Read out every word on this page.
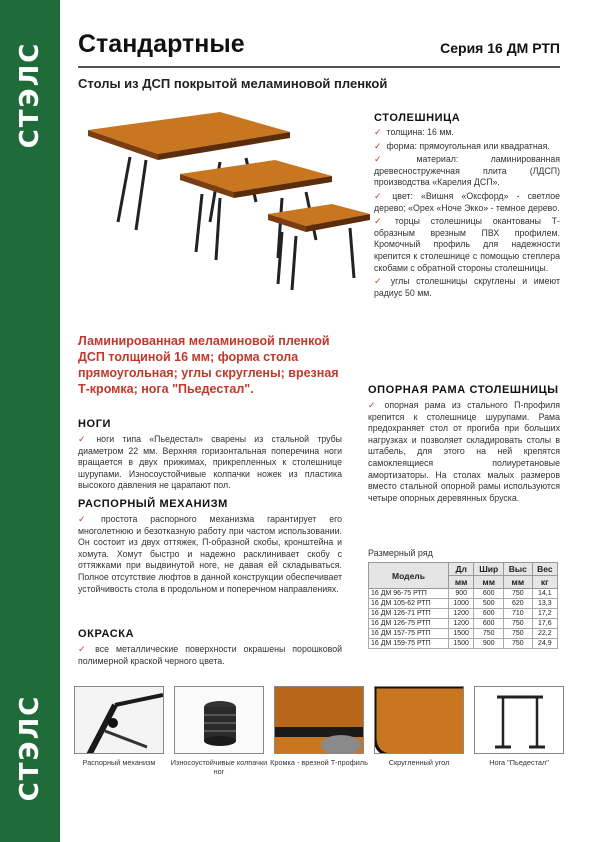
СТЭЛС
СТЭЛС
Стандартные	Серия 16 ДМ РТП
Столы из ДСП покрытой меламиновой пленкой
Ламинированная меламиновой пленкой ДСП толщиной 16 мм; форма стола прямоугольная; углы скруглены; врезная Т-кромка; нога "Пьедестал".
НОГИ
✓ ноги типа «Пьедестал» сварены из стальной трубы диаметром 22 мм. Верхняя горизонтальная поперечина ноги вращается в двух прижимах, прикрепленных к столешнице шурупами. Износоустойчивые колпачки ножек из пластика высокого давления не царапают пол.
РАСПОРНЫЙ МЕХАНИЗМ
✓ простота распорного механизма гарантирует его многолетнюю и безотказную работу при частом использовании. Он состоит из двух оттяжек, П-образной скобы, кронштейна и хомута. Хомут быстро и надежно расклинивает скобу с оттяжками при выдвинутой ноге, не давая ей складываться. Полное отсутствие люфтов в данной конструкции обеспечивает устойчивость стола в продольном и поперечном направлениях.
ОКРАСКА
✓ все металлические поверхности окрашены порошковой полимерной краской черного цвета.
СТОЛЕШНИЦА
✓ толщина: 16 мм.
✓ форма: прямоугольная или квадратная.
✓ материал: ламинированная древесностружечная плита (ЛДСП) производства «Карелия ДСП».
✓ цвет: «Вишня «Оксфорд» - светлое дерево; «Орех «Ноче Экко» - темное дерево.
✓ торцы столешницы окантованы Т-образным врезным ПВХ профилем. Кромочный профиль для надежности крепится к столешнице с помощью степлера скобами с обратной стороны столешницы.
✓ углы столешницы скруглены и имеют радиус 50 мм.
ОПОРНАЯ РАМА СТОЛЕШНИЦЫ
✓ опорная рама из стального П-профиля крепится к столешнице шурупами. Рама предохраняет стол от прогиба при больших нагрузках и позволяет складировать столы в штабель, для этого на ней крепятся самоклеящиеся полиуретановые амортизаторы. На столах малых размеров вместо стальной опорной рамы используются четыре опорных деревянных бруска.
Размерный ряд
Модель	Дл	Шир	Выс	Вес
	мм	мм	мм	кг
16 ДМ 96-75 РТП	900	600	750	14,1
16 ДМ 105-62 РТП	1000	500	620	13,3
16 ДМ 126-71 РТП	1200	600	710	17,2
16 ДМ 126-75 РТП	1200	600	750	17,6
16 ДМ 157-75 РТП	1500	750	750	22,2
16 ДМ 159-75 РТП	1500	900	750	24,9
Распорный механизм	Износоустойчивые колпачки ног
Кромка - врезной Т-профиль	Скругленный угол	Нога "Пьедестал"
